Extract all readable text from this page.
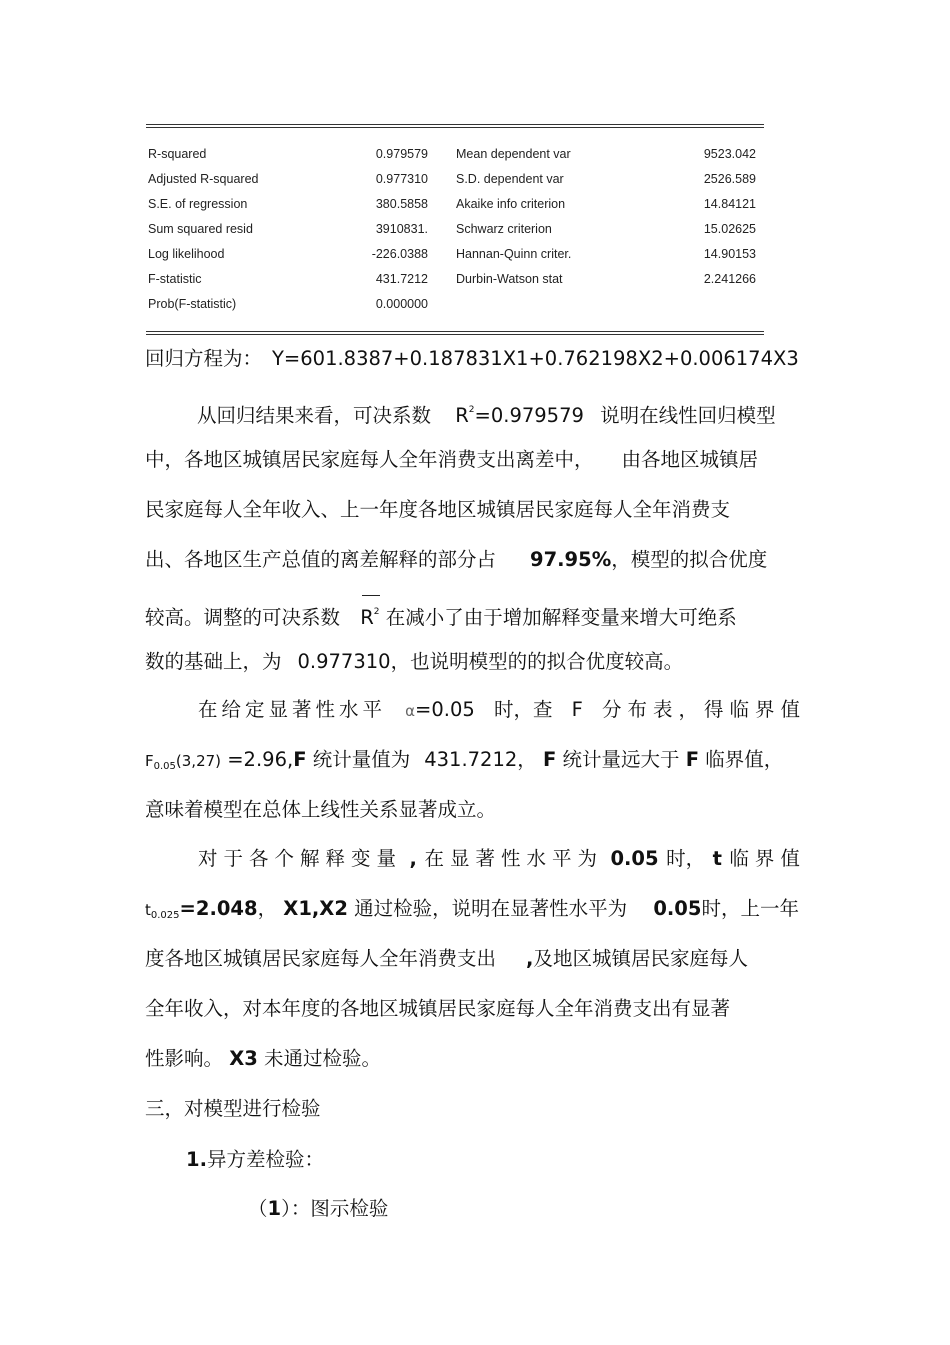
R-squared	0.979579 Mean dependent var	9523.042
Adjusted R-squared	0.977310 S.D. dependent var	2526.589
S.E. of regression	380.5858 Akaike info criterion	14.84121
Sum squared resid	3910831. Schwarz criterion	15.02625
Log likelihood	-226.0388 Hannan-Quinn criter.	14.90153
F-statistic	431.7212 Durbin-Watson stat	2.241266
Prob(F-statistic)	0.000000
回归方程为： Y=601.8387+0.187831X1+0.762198X2+0.006174X3
从回归结果来看，可决系数 $R^2=0.979579$ 说明在线性回归模型
中，各地区城镇居民家庭每人全年消费支出离差中， 由各地区城镇居
民家庭每人全年收入、上一年度各地区城镇居民家庭每人全年消费支
出、各地区生产总值的离差解释的部分占 97.95%，模型的拟合优度
较高。调整的可决系数 $R^2$ 在减小了由于增加解释变量来增大可绝系
数的基础上，为 0.977310，也说明模型的的拟合优度较高。
在给定显著性水平 α=0.05 时，查 F 分布表，得临界值
$F_{0.05}(3,27) =2.96,F$ 统计量值为 431.7212， F 统计量远大于 F 临界值，
意味着模型在总体上线性关系显著成立。
对于各个解释变量 , 在显著性水平为 0.05 时， t 临界值
$t_{0.025}=2.048$， X1,X2 通过检验，说明在显著性水平为 0.05时，上一年
度各地区城镇居民家庭每人全年消费支出 ,及地区城镇居民家庭每人
全年收入，对本年度的各地区城镇居民家庭每人全年消费支出有显著
性影响。 X3 未通过检验。
三，对模型进行检验
1.异方差检验：
（1）：图示检验
